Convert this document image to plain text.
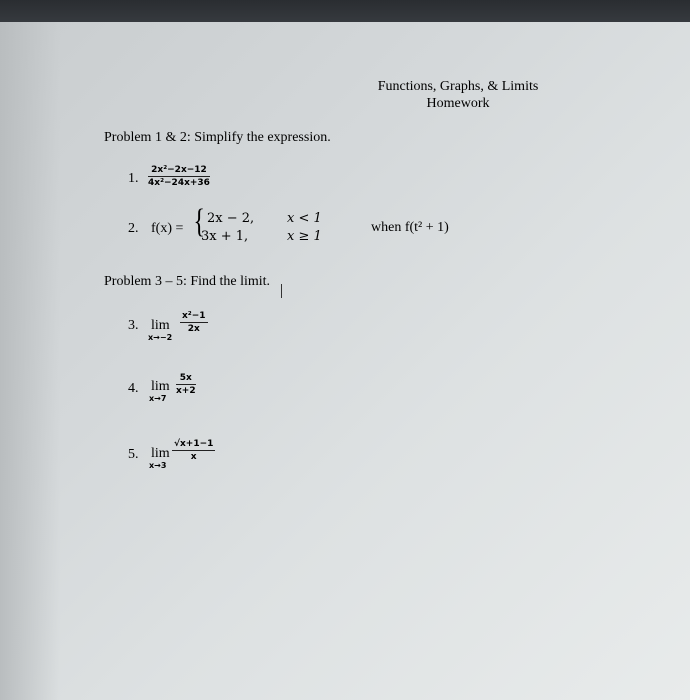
Functions, Graphs, & Limits
Homework
Problem 1 & 2: Simplify the expression.
1. $\frac{\text{2x²−2x−12}}{\text{4x²−24x+36}}$
2. f(x) = { 2x − 2,	x < 1
3x + 1,	x ≥ 1
when f(t² + 1)
Problem 3 – 5: Find the limit.
3. lim
x→−2
$\frac{\text{x²−1}}{2x}$
4. lim
x→7
$\frac{5x}{x+2}$
5. lim
x→3
$\frac{√x+1-1}{x}$
